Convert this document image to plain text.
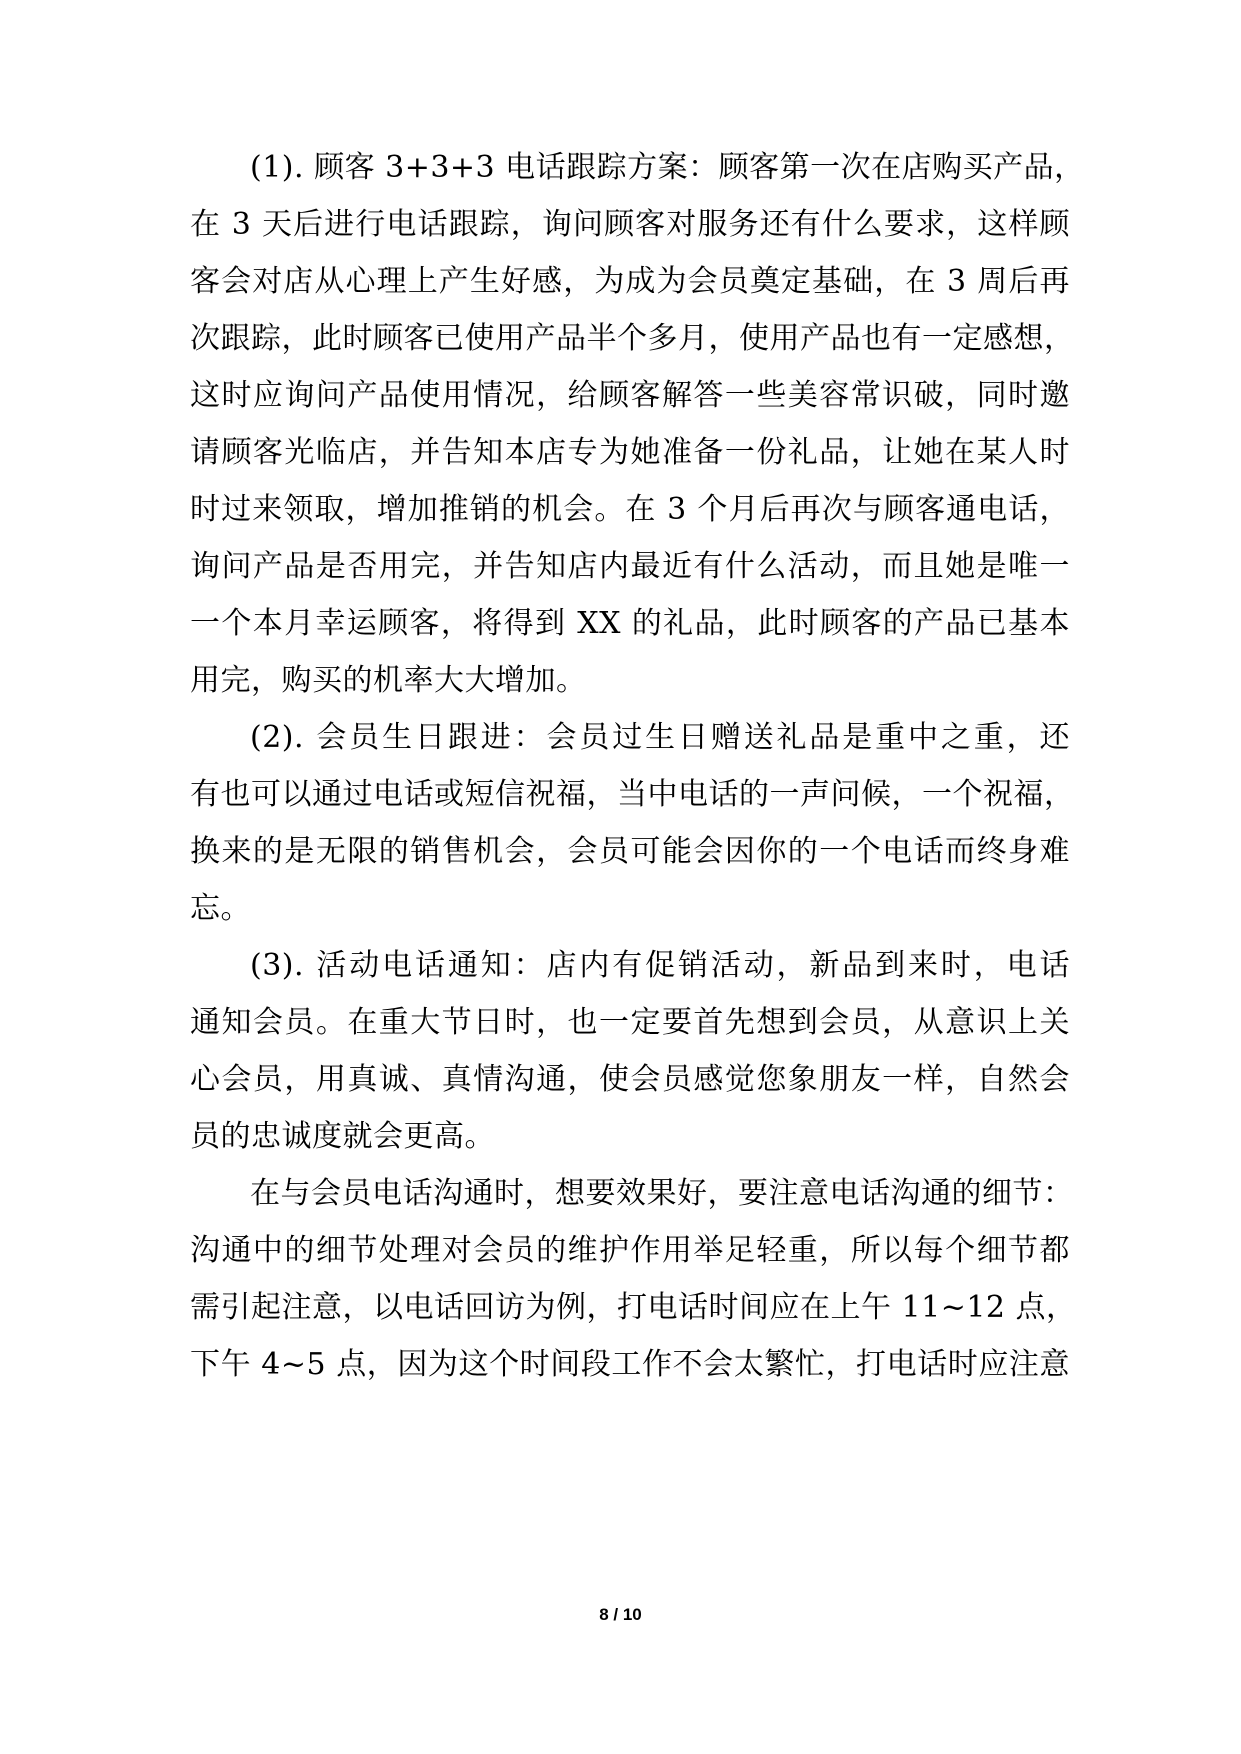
(1). 顾客 3+3+3 电话跟踪方案：顾客第一次在店购买产品，
在 3 天后进行电话跟踪，询问顾客对服务还有什么要求，这样顾
客会对店从心理上产生好感，为成为会员奠定基础，在 3 周后再
次跟踪，此时顾客已使用产品半个多月，使用产品也有一定感想，
这时应询问产品使用情况，给顾客解答一些美容常识破，同时邀
请顾客光临店，并告知本店专为她准备一份礼品，让她在某人时
时过来领取，增加推销的机会。在 3 个月后再次与顾客通电话，
询问产品是否用完，并告知店内最近有什么活动，而且她是唯一
一个本月幸运顾客，将得到 XX 的礼品，此时顾客的产品已基本
用完，购买的机率大大增加。
(2). 会员生日跟进：会员过生日赠送礼品是重中之重，还
有也可以通过电话或短信祝福，当中电话的一声问候，一个祝福，
换来的是无限的销售机会，会员可能会因你的一个电话而终身难
忘。
(3). 活动电话通知：店内有促销活动，新品到来时，电话
通知会员。在重大节日时，也一定要首先想到会员，从意识上关
心会员，用真诚、真情沟通，使会员感觉您象朋友一样，自然会
员的忠诚度就会更高。
在与会员电话沟通时，想要效果好，要注意电话沟通的细节：
沟通中的细节处理对会员的维护作用举足轻重，所以每个细节都
需引起注意，以电话回访为例，打电话时间应在上午 11~12 点，
下午 4~5 点，因为这个时间段工作不会太繁忙，打电话时应注意
8 / 10
